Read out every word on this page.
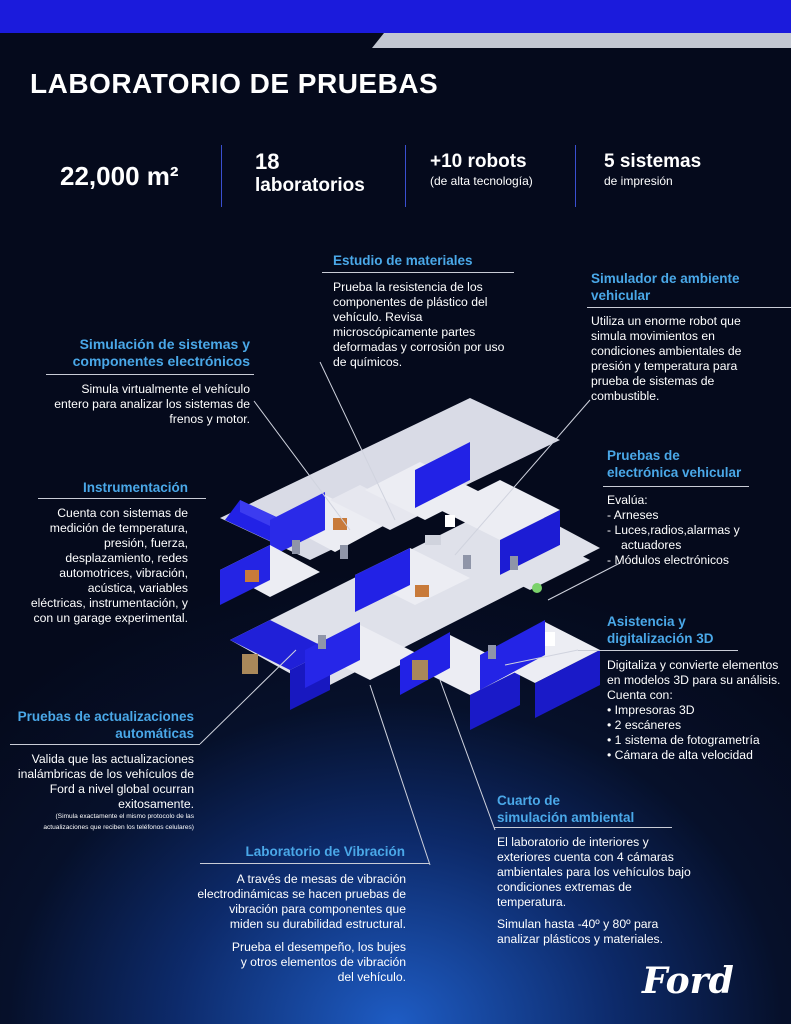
LABORATORIO DE PRUEBAS
22,000 m²	18
laboratorios
+10 robots
(de alta tecnología)
5 sistemas
de impresión
Estudio de materiales
Prueba la resistencia de los componentes de plástico del vehículo. Revisa microscópicamente partes deformadas y corrosión por uso de químicos.
Simulador de ambiente
vehicular
Utiliza un enorme robot que simula movimientos en condiciones ambientales de presión y temperatura para prueba de sistemas de combustible.
Simulación de sistemas y
componentes electrónicos
Simula virtualmente el vehículo entero para analizar los sistemas de frenos y motor.
Instrumentación
Cuenta con sistemas de medición de temperatura, presión, fuerza, desplazamiento, redes automotrices, vibración, acústica, variables eléctricas, instrumentación, y con un garage experimental.
Pruebas de
electrónica vehicular
Evalúa:
- Arneses
- Luces,radios,alarmas y
actuadores
- Módulos electrónicos
Asistencia y
digitalización 3D
Digitaliza y convierte elementos en modelos 3D para su análisis. Cuenta con:
• Impresoras 3D
• 2 escáneres
• 1 sistema de fotogrametría
• Cámara de alta velocidad
Pruebas de actualizaciones
automáticas
Valida que las actualizaciones inalámbricas de los vehículos de Ford a nivel global ocurran exitosamente.
(Simula exactamente el mismo protocolo de las actualizaciones que reciben los teléfonos celulares)
Cuarto de
simulación ambiental
El laboratorio de interiores y exteriores cuenta con 4 cámaras ambientales para los vehículos bajo condiciones extremas de temperatura.
Simulan hasta -40º y 80º para analizar plásticos y materiales.
Laboratorio de Vibración
A través de mesas de vibración electrodinámicas se hacen pruebas de vibración para componentes que miden su durabilidad estructural.
Prueba el desempeño, los bujes y otros elementos de vibración del vehículo.	Ford
